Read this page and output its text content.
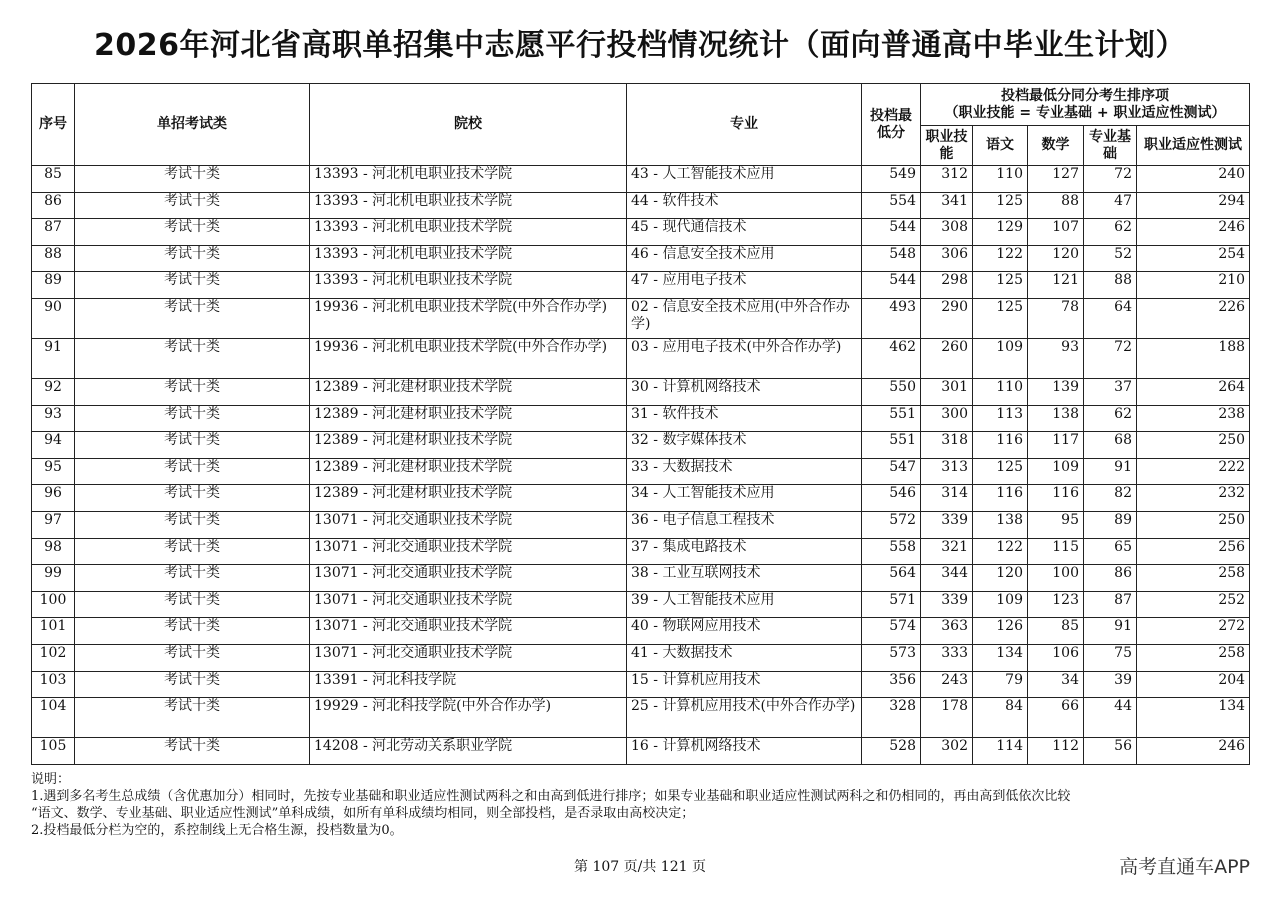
2026年河北省高职单招集中志愿平行投档情况统计（面向普通高中毕业生计划）
序号	单招考试类	院校	专业	投档最低分	投档最低分同分考生排序项
（职业技能 = 专业基础 + 职业适应性测试）				

					职业技能	语文	数学	专业基础	职业适应性测试
85	考试十类	13393 - 河北机电职业技术学院	43 - 人工智能技术应用	549	312	110	127	72	240
86	考试十类	13393 - 河北机电职业技术学院	44 - 软件技术	554	341	125	88	47	294
87	考试十类	13393 - 河北机电职业技术学院	45 - 现代通信技术	544	308	129	107	62	246
88	考试十类	13393 - 河北机电职业技术学院	46 - 信息安全技术应用	548	306	122	120	52	254
89	考试十类	13393 - 河北机电职业技术学院	47 - 应用电子技术	544	298	125	121	88	210
90	考试十类	19936 - 河北机电职业技术学院(中外合作办学)	02 - 信息安全技术应用(中外合作办学)	493	290	125	78	64	226
91	考试十类	19936 - 河北机电职业技术学院(中外合作办学)	03 - 应用电子技术(中外合作办学)	462	260	109	93	72	188
92	考试十类	12389 - 河北建材职业技术学院	30 - 计算机网络技术	550	301	110	139	37	264
93	考试十类	12389 - 河北建材职业技术学院	31 - 软件技术	551	300	113	138	62	238
94	考试十类	12389 - 河北建材职业技术学院	32 - 数字媒体技术	551	318	116	117	68	250
95	考试十类	12389 - 河北建材职业技术学院	33 - 大数据技术	547	313	125	109	91	222
96	考试十类	12389 - 河北建材职业技术学院	34 - 人工智能技术应用	546	314	116	116	82	232
97	考试十类	13071 - 河北交通职业技术学院	36 - 电子信息工程技术	572	339	138	95	89	250
98	考试十类	13071 - 河北交通职业技术学院	37 - 集成电路技术	558	321	122	115	65	256
99	考试十类	13071 - 河北交通职业技术学院	38 - 工业互联网技术	564	344	120	100	86	258
100	考试十类	13071 - 河北交通职业技术学院	39 - 人工智能技术应用	571	339	109	123	87	252
101	考试十类	13071 - 河北交通职业技术学院	40 - 物联网应用技术	574	363	126	85	91	272
102	考试十类	13071 - 河北交通职业技术学院	41 - 大数据技术	573	333	134	106	75	258
103	考试十类	13391 - 河北科技学院	15 - 计算机应用技术	356	243	79	34	39	204
104	考试十类	19929 - 河北科技学院(中外合作办学)	25 - 计算机应用技术(中外合作办学)	328	178	84	66	44	134
105	考试十类	14208 - 河北劳动关系职业学院	16 - 计算机网络技术	528	302	114	112	56	246
说明：
1.遇到多名考生总成绩（含优惠加分）相同时，先按专业基础和职业适应性测试两科之和由高到低进行排序；如果专业基础和职业适应性测试两科之和仍相同的，再由高到低依次比较
“语文、数学、专业基础、职业适应性测试”单科成绩，如所有单科成绩均相同，则全部投档，是否录取由高校决定；
2.投档最低分栏为空的，系控制线上无合格生源，投档数量为0。
第 107 页/共 121 页	高考直通车APP
